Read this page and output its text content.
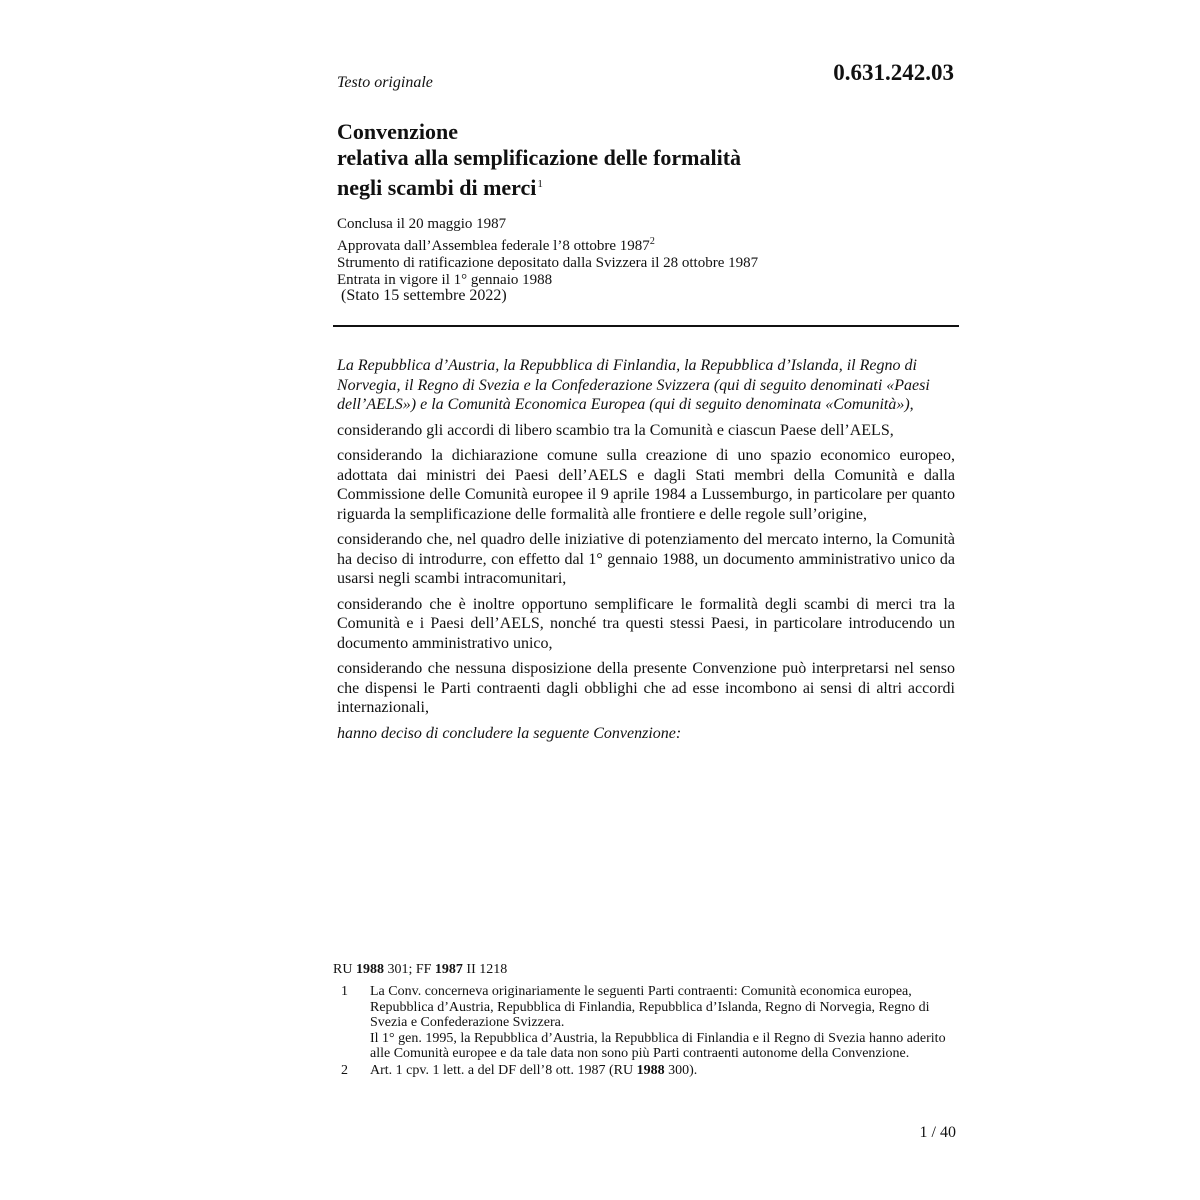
Testo originale	0.631.242.03
Convenzione
relativa alla semplificazione delle formalità
negli scambi di merci$^1$
Conclusa il 20 maggio 1987
Approvata dall’Assemblea federale l’8 ottobre 1987$^2$
Strumento di ratificazione depositato dalla Svizzera il 28 ottobre 1987
Entrata in vigore il 1° gennaio 1988
(Stato 15 settembre 2022)

La Repubblica d’Austria, la Repubblica di Finlandia, la Repubblica d’Islanda, il Regno di Norvegia, il Regno di Svezia e la Confederazione Svizzera (qui di seguito denominati «Paesi dell’AELS») e la Comunità Economica Europea (qui di seguito denominata «Comunità»),

considerando gli accordi di libero scambio tra la Comunità e ciascun Paese dell’AELS,

considerando la dichiarazione comune sulla creazione di uno spazio economico europeo, adottata dai ministri dei Paesi dell’AELS e dagli Stati membri della Comunità e dalla Commissione delle Comunità europee il 9 aprile 1984 a Lussemburgo, in particolare per quanto riguarda la semplificazione delle formalità alle frontiere e delle regole sull’origine,

considerando che, nel quadro delle iniziative di potenziamento del mercato interno, la Comunità ha deciso di introdurre, con effetto dal 1° gennaio 1988, un documento amministrativo unico da usarsi negli scambi intracomunitari,

considerando che è inoltre opportuno semplificare le formalità degli scambi di merci tra la Comunità e i Paesi dell’AELS, nonché tra questi stessi Paesi, in particolare introducendo un documento amministrativo unico,

considerando che nessuna disposizione della presente Convenzione può interpretarsi nel senso che dispensi le Parti contraenti dagli obblighi che ad esse incombono ai sensi di altri accordi internazionali,

hanno deciso di concludere la seguente Convenzione:

RU 1988 301; FF 1987 II 1218
1	La Conv. concerneva originariamente le seguenti Parti contraenti: Comunità economica europea, Repubblica d’Austria, Repubblica di Finlandia, Repubblica d’Islanda, Regno di Norvegia, Regno di Svezia e Confederazione Svizzera.
Il 1° gen. 1995, la Repubblica d’Austria, la Repubblica di Finlandia e il Regno di Svezia hanno aderito alle Comunità europee e da tale data non sono più Parti contraenti autonome della Convenzione.
2	Art. 1 cpv. 1 lett. a del DF dell’8 ott. 1987 (RU 1988 300).
1 / 40
